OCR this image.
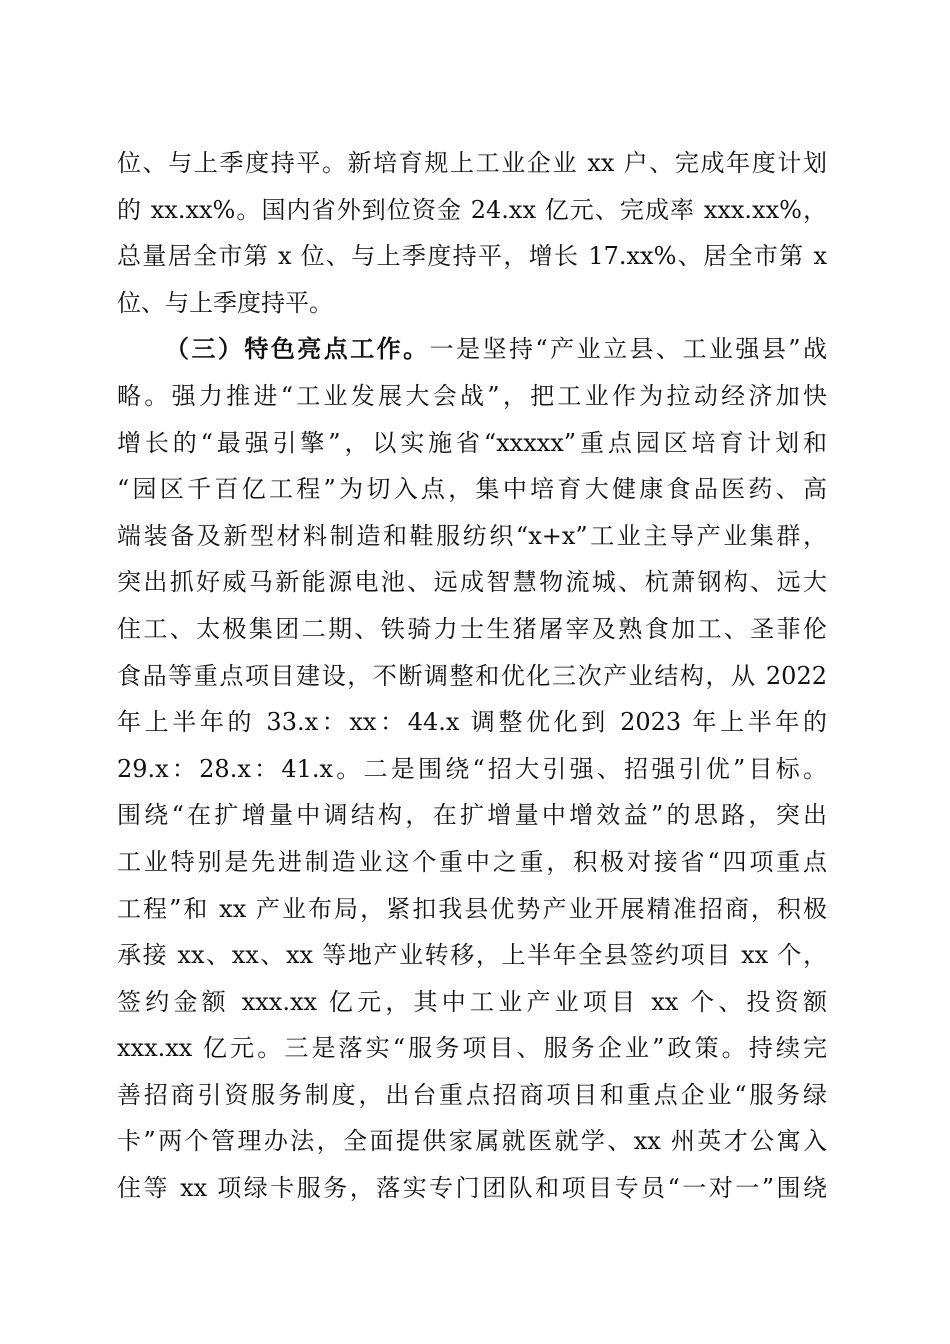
位、与上季度持平。新培育规上工业企业 xx 户、完成年度计划
的 xx.xx%。国内省外到位资金 24.xx 亿元、完成率 xxx.xx%，
总量居全市第 x 位、与上季度持平，增长 17.xx%、居全市第 x
位、与上季度持平。
（三）特色亮点工作。一是坚持“产业立县、工业强县”战
略。强力推进“工业发展大会战”，把工业作为拉动经济加快
增长的“最强引擎”，以实施省“xxxxx”重点园区培育计划和
“园区千百亿工程”为切入点，集中培育大健康食品医药、高
端装备及新型材料制造和鞋服纺织“x+x”工业主导产业集群，
突出抓好威马新能源电池、远成智慧物流城、杭萧钢构、远大
住工、太极集团二期、铁骑力士生猪屠宰及熟食加工、圣菲伦
食品等重点项目建设，不断调整和优化三次产业结构，从 2022
年上半年的 33.x：xx：44.x 调整优化到 2023 年上半年的
29.x：28.x：41.x。二是围绕“招大引强、招强引优”目标。
围绕“在扩增量中调结构，在扩增量中增效益”的思路，突出
工业特别是先进制造业这个重中之重，积极对接省“四项重点
工程”和 xx 产业布局，紧扣我县优势产业开展精准招商，积极
承接 xx、xx、xx 等地产业转移，上半年全县签约项目 xx 个，
签约金额 xxx.xx 亿元，其中工业产业项目 xx 个、投资额
xxx.xx 亿元。三是落实“服务项目、服务企业”政策。持续完
善招商引资服务制度，出台重点招商项目和重点企业“服务绿
卡”两个管理办法，全面提供家属就医就学、xx 州英才公寓入
住等 xx 项绿卡服务，落实专门团队和项目专员“一对一”围绕
